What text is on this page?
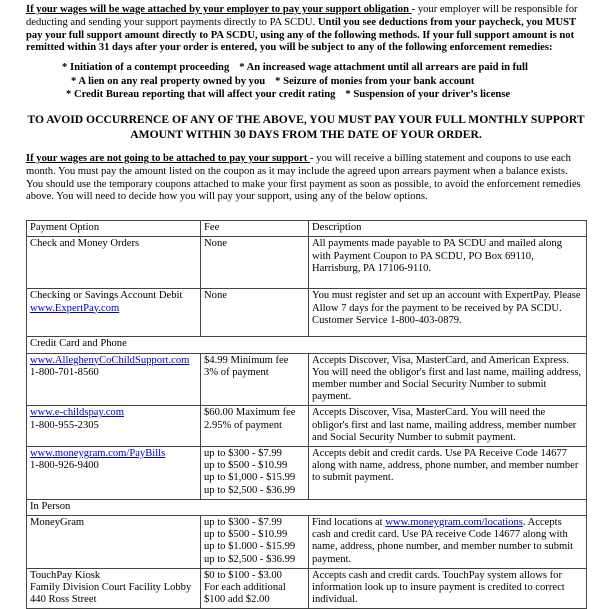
If your wages will be wage attached by your employer to pay your support obligation - your employer will be responsible for deducting and sending your support payments directly to PA SCDU. Until you see deductions from your paycheck, you MUST pay your full support amount directly to PA SCDU, using any of the following methods. If your full support amount is not remitted within 31 days after your order is entered, you will be subject to any of the following enforcement remedies:

* Initiation of a contempt proceeding * An increased wage attachment until all arrears are paid in full
* A lien on any real property owned by you * Seizure of monies from your bank account
* Credit Bureau reporting that will affect your credit rating * Suspension of your driver’s license
TO AVOID OCCURRENCE OF ANY OF THE ABOVE, YOU MUST PAY YOUR FULL MONTHLY SUPPORT
AMOUNT WITHIN 30 DAYS FROM THE DATE OF YOUR ORDER.

If your wages are not going to be attached to pay your support - you will receive a billing statement and coupons to use each month. You must pay the amount listed on the coupon as it may include the agreed upon arrears payment when a balance exists. You should use the temporary coupons attached to make your first payment as soon as possible, to avoid the enforcement remedies above. You will need to decide how you will pay your support, using any of the below options.

Payment Option	Fee	Description
Check and Money Orders	None	All payments made payable to PA SCDU and mailed along with Payment Coupon to PA SCDU, PO Box 69110, Harrisburg, PA 17106-9110.

Checking or Savings Account Debit
www.ExpertPay.com	None	You must register and set up an account with ExpertPay. Please Allow 7 days for the payment to be received by PA SCDU. Customer Service 1-800-403-0879.
Credit Card and Phone		

www.AlleghenyCoChildSupport.com
1-800-701-8560	$4.99 Minimum fee
3% of payment	Accepts Discover, Visa, MasterCard, and American Express. You will need the obligor's first and last name, mailing address, member number and Social Security Number to submit payment.

www.e-childspay.com
1-800-955-2305	$60.00 Maximum fee
2.95% of payment	Accepts Discover, Visa, MasterCard. You will need the obligor's first and last name, mailing address, member number and Social Security Number to submit payment.

www.moneygram.com/PayBills
1-800-926-9400	up to $300 - $7.99
up to $500 - $10.99
up to $1,000 - $15.99
up to $2,500 - $36.99	Accepts debit and credit cards. Use PA Receive Code 14677 along with name, address, phone number, and member number to submit payment.
In Person		
MoneyGram	up to $300 - $7.99
up to $500 - $10.99
up to $1.000 - $15.99
up to $2,500 - $36.99	Find locations at www.moneygram.com/locations. Accepts cash and credit card. Use PA receive Code 14677 along with name, address, phone number, and member number to submit payment.

TouchPay Kiosk
Family Division Court Facility Lobby
440 Ross Street	$0 to $100 - $3.00
For each additional
$100 add $2.00	Accepts cash and credit cards. TouchPay system allows for information look up to insure payment is credited to correct individual.
